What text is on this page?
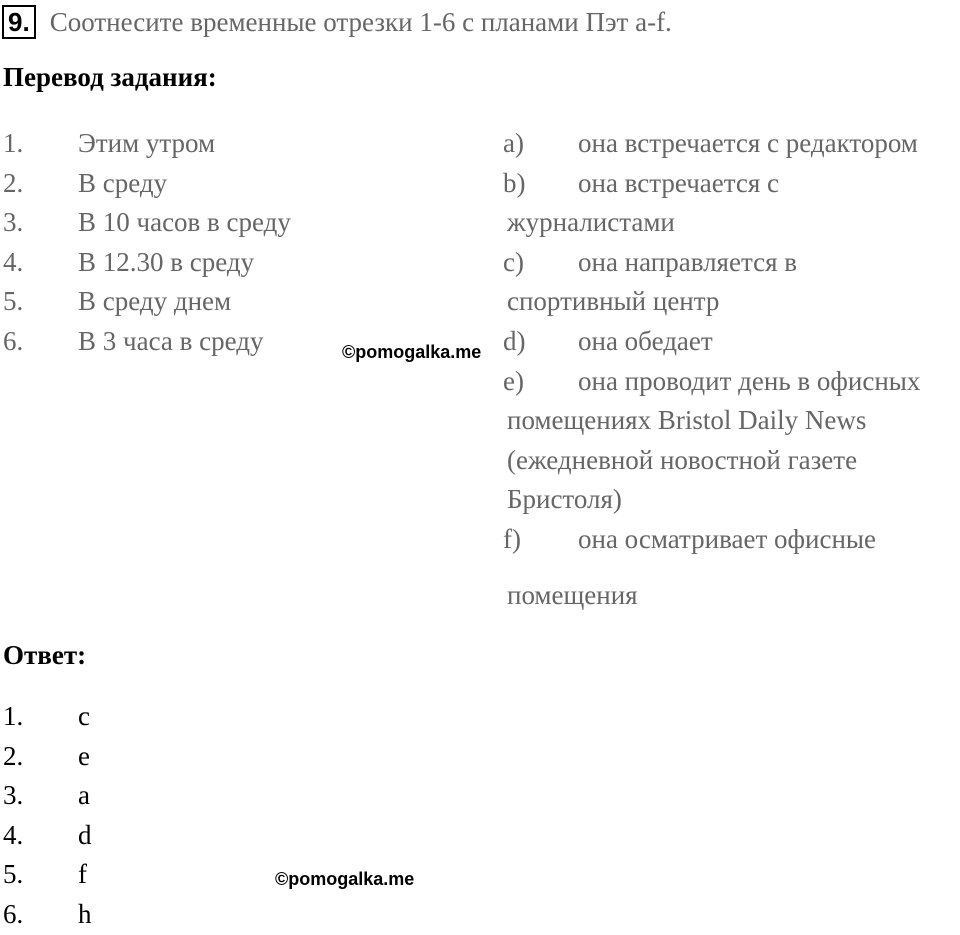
9. Соотнесите временные отрезки 1-6 с планами Пэт a-f.
Перевод задания:
1. Этим утром
2. В среду
3. В 10 часов в среду
4. В 12.30 в среду
5. В среду днем
6. В 3 часа в среду
a) она встречается с редактором
b) она встречается с
журналистами
c) она направляется в
спортивный центр
d) она обедает
e) она проводит день в офисных
помещениях Bristol Daily News
(ежедневной новостной газете
Бристоля)
f) она осматривает офисные
помещения
©pomogalka.me
Ответ:
1. c
2. e
3. a
4. d
5. f
6. h
©pomogalka.me
